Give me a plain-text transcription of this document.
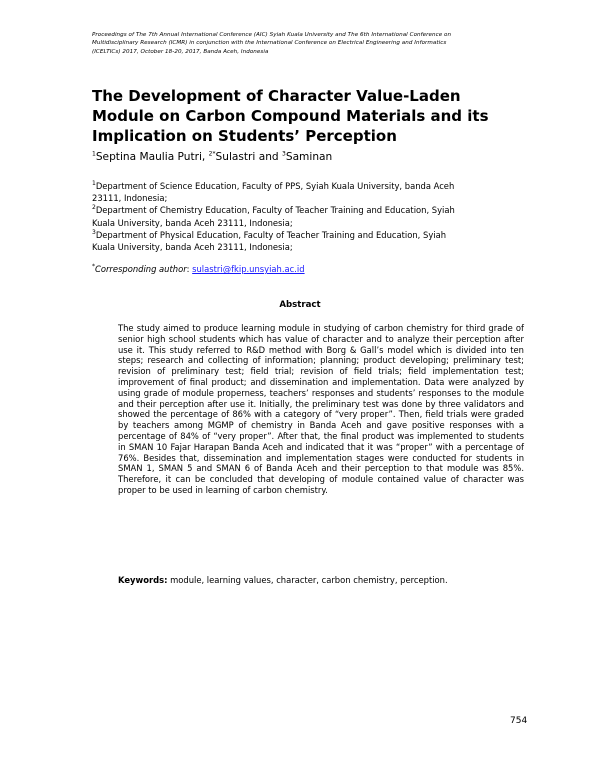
Proceedings of The 7th Annual International Conference (AIC) Syiah Kuala University and The 6th International Conference on
Multidisciplinary Research (ICMR) in conjunction with the International Conference on Electrical Engineering and Informatics
(ICELTICs) 2017, October 18-20, 2017, Banda Aceh, Indonesia
The Development of Character Value-Laden
Module on Carbon Compound Materials and its
Implication on Students’ Perception
$^1$Septina Maulia Putri, $^{2*}$Sulastri and $^3$Saminan
$^1$Department of Science Education, Faculty of PPS, Syiah Kuala University, banda Aceh
23111, Indonesia;
$^2$Department of Chemistry Education, Faculty of Teacher Training and Education, Syiah
Kuala University, banda Aceh 23111, Indonesia;
$^3$Department of Physical Education, Faculty of Teacher Training and Education, Syiah
Kuala University, banda Aceh 23111, Indonesia;
*Corresponding author: sulastri@fkip.unsyiah.ac.id
Abstract

The study aimed to produce learning module in studying of carbon chemistry for third grade of senior high school students which has value of character and to analyze their perception after use it. This study referred to R&D method with Borg & Gall’s model which is divided into ten steps; research and collecting of information; planning; product developing; preliminary test; revision of preliminary test; field trial; revision of field trials; field implementation test; improvement of final product; and dissemination and implementation. Data were analyzed by using grade of module properness, teachers’ responses and students’ responses to the module and their perception after use it. Initially, the preliminary test was done by three validators and showed the percentage of 86% with a category of “very proper”. Then, field trials were graded by teachers among MGMP of chemistry in Banda Aceh and gave positive responses with a percentage of 84% of “very proper”. After that, the final product was implemented to students in SMAN 10 Fajar Harapan Banda Aceh and indicated that it was “proper” with a percentage of 76%. Besides that, dissemination and implementation stages were conducted for students in SMAN 1, SMAN 5 and SMAN 6 of Banda Aceh and their perception to that module was 85%. Therefore, it can be concluded that developing of module contained value of character was proper to be used in learning of carbon chemistry.

Keywords: module, learning values, character, carbon chemistry, perception.

754
